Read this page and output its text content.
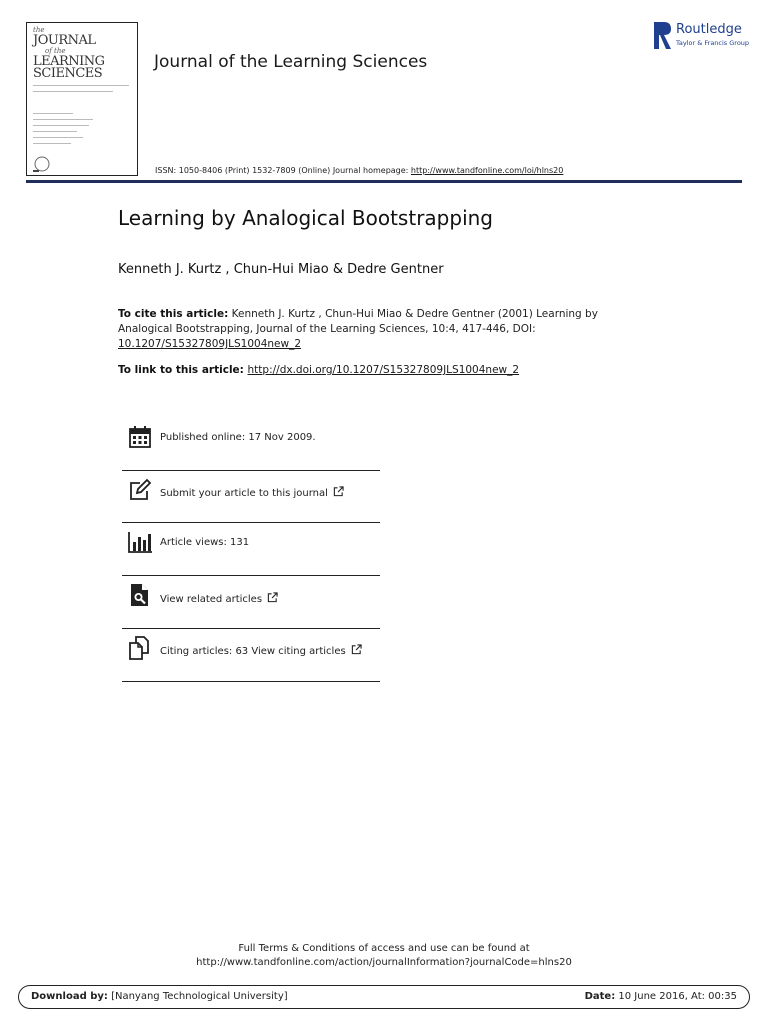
the
JOURNAL
of the
LEARNING
SCIENCES
Journal of the Learning Sciences
Routledge
Taylor & Francis Group
ISSN: 1050-8406 (Print) 1532-7809 (Online) Journal homepage: http://www.tandfonline.com/loi/hlns20
Learning by Analogical Bootstrapping
Kenneth J. Kurtz , Chun-Hui Miao & Dedre Gentner
To cite this article: Kenneth J. Kurtz , Chun-Hui Miao & Dedre Gentner (2001) Learning by Analogical Bootstrapping, Journal of the Learning Sciences, 10:4, 417-446, DOI: 10.1207/S15327809JLS1004new_2
To link to this article: http://dx.doi.org/10.1207/S15327809JLS1004new_2
Published online: 17 Nov 2009.
Submit your article to this journal
Article views: 131
View related articles
Citing articles: 63 View citing articles
Full Terms & Conditions of access and use can be found at
http://www.tandfonline.com/action/journalInformation?journalCode=hlns20
Download by: [Nanyang Technological University]	Date: 10 June 2016, At: 00:35
